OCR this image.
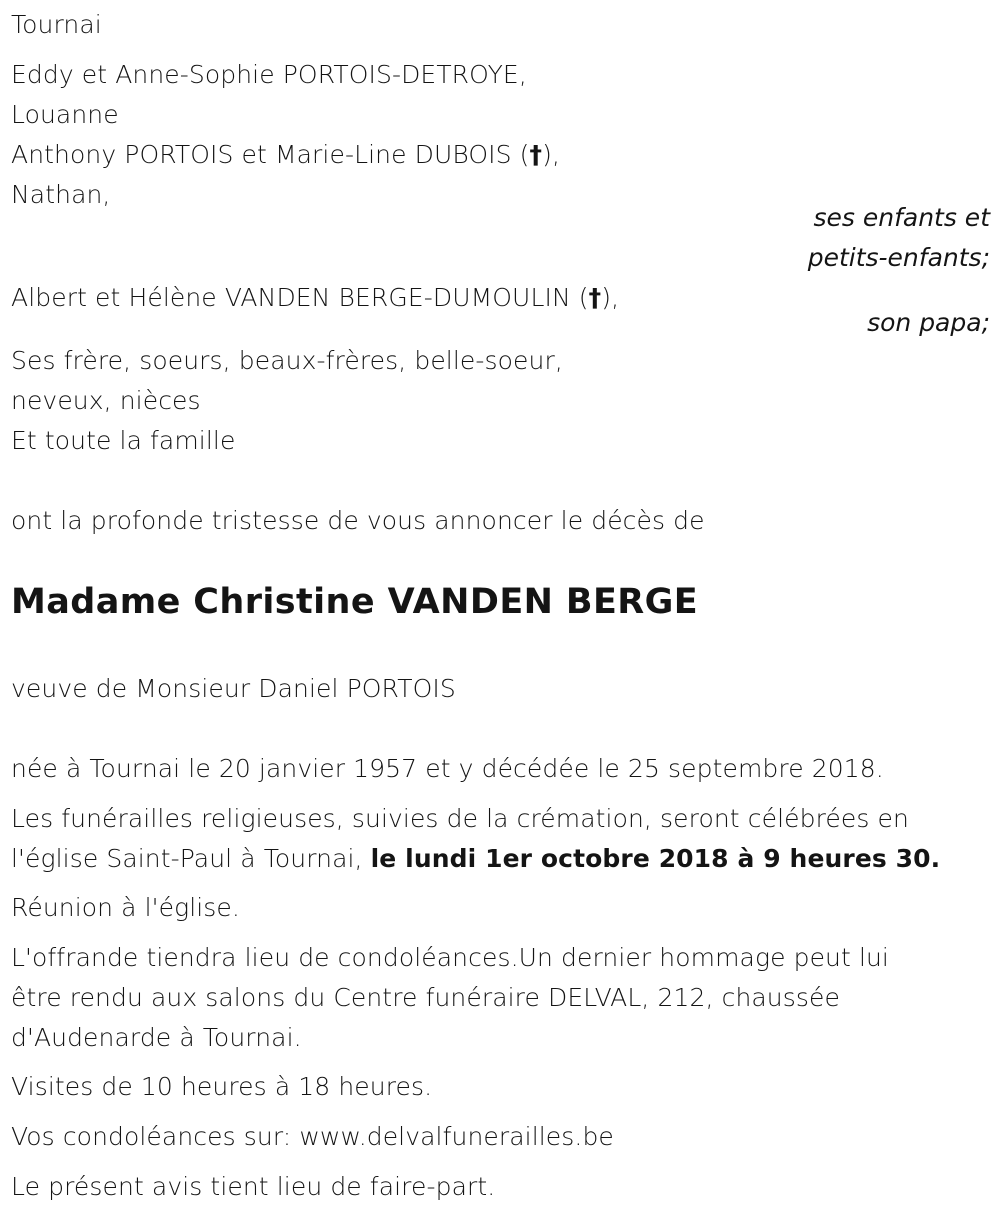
Tournai
Eddy et Anne-Sophie PORTOIS-DETROYE,
Louanne
Anthony PORTOIS et Marie-Line DUBOIS (†),
Nathan,
ses enfants et
petits-enfants;
Albert et Hélène VANDEN BERGE-DUMOULIN (†),
son papa;
Ses frère, soeurs, beaux-frères, belle-soeur,
neveux, nièces
Et toute la famille
ont la profonde tristesse de vous annoncer le décès de
Madame Christine VANDEN BERGE
veuve de Monsieur Daniel PORTOIS
née à Tournai le 20 janvier 1957 et y décédée le 25 septembre 2018.
Les funérailles religieuses, suivies de la crémation, seront célébrées en
l'église Saint-Paul à Tournai, le lundi 1er octobre 2018 à 9 heures 30.
Réunion à l'église.
L'offrande tiendra lieu de condoléances.Un dernier hommage peut lui
être rendu aux salons du Centre funéraire DELVAL, 212, chaussée
d'Audenarde à Tournai.
Visites de 10 heures à 18 heures.
Vos condoléances sur: www.delvalfunerailles.be
Le présent avis tient lieu de faire-part.
